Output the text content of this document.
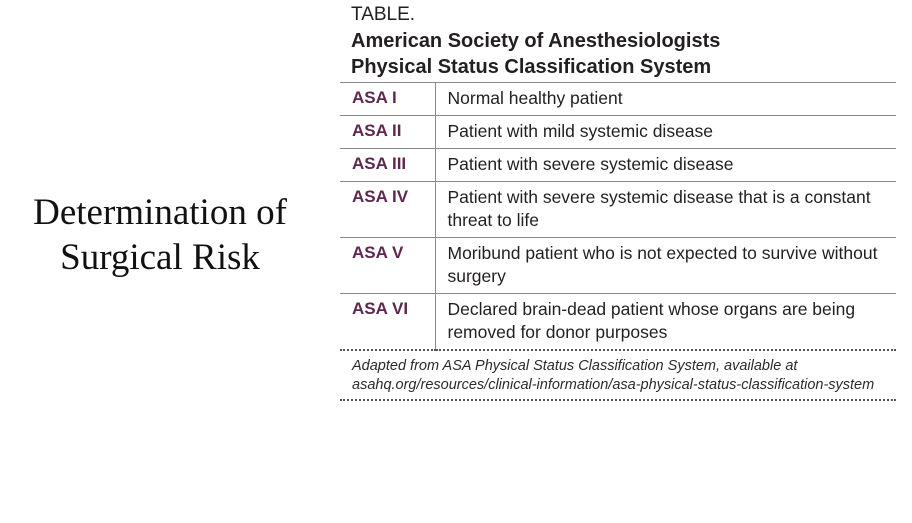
Determination of
Surgical Risk
TABLE.
American Society of Anesthesiologists
Physical Status Classification System
ASA I	Normal healthy patient
ASA II	Patient with mild systemic disease
ASA III	Patient with severe systemic disease
ASA IV	Patient with severe systemic disease that is a constant threat to life
ASA V	Moribund patient who is not expected to survive without surgery
ASA VI	Declared brain-dead patient whose organs are being removed for donor purposes
Adapted from ASA Physical Status Classification System, available at asahq.org/resources/clinical-information/asa-physical-status-classification-system
